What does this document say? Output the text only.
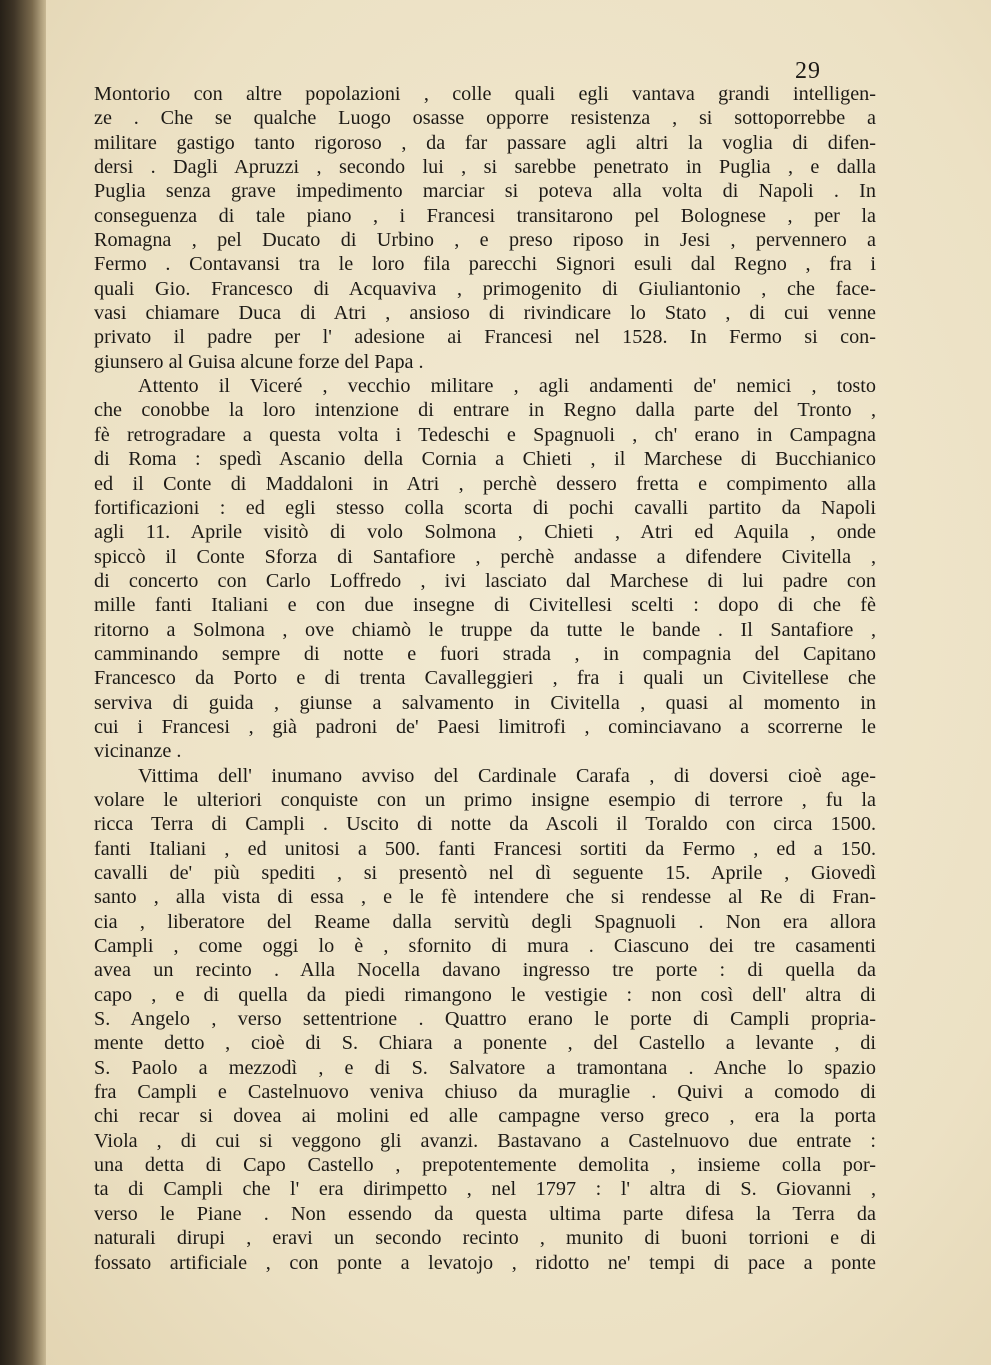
29
Montorio con altre popolazioni , colle quali egli vantava grandi intelligen-
ze . Che se qualche Luogo osasse opporre resistenza , si sottoporrebbe a
militare gastigo tanto rigoroso , da far passare agli altri la voglia di difen-
dersi . Dagli Apruzzi , secondo lui , si sarebbe penetrato in Puglia , e dalla
Puglia senza grave impedimento marciar si poteva alla volta di Napoli . In
conseguenza di tale piano , i Francesi transitarono pel Bolognese , per la
Romagna , pel Ducato di Urbino , e preso riposo in Jesi , pervennero a
Fermo . Contavansi tra le loro fila parecchi Signori esuli dal Regno , fra i
quali Gio. Francesco di Acquaviva , primogenito di Giuliantonio , che face-
vasi chiamare Duca di Atri , ansioso di rivindicare lo Stato , di cui venne
privato il padre per l' adesione ai Francesi nel 1528. In Fermo si con-
giunsero al Guisa alcune forze del Papa .
Attento il Viceré , vecchio militare , agli andamenti de' nemici , tosto
che conobbe la loro intenzione di entrare in Regno dalla parte del Tronto ,
fè retrogradare a questa volta i Tedeschi e Spagnuoli , ch' erano in Campagna
di Roma : spedì Ascanio della Cornia a Chieti , il Marchese di Bucchianico
ed il Conte di Maddaloni in Atri , perchè dessero fretta e compimento alla
fortificazioni : ed egli stesso colla scorta di pochi cavalli partito da Napoli
agli 11. Aprile visitò di volo Solmona , Chieti , Atri ed Aquila , onde
spiccò il Conte Sforza di Santafiore , perchè andasse a difendere Civitella ,
di concerto con Carlo Loffredo , ivi lasciato dal Marchese di lui padre con
mille fanti Italiani e con due insegne di Civitellesi scelti : dopo di che fè
ritorno a Solmona , ove chiamò le truppe da tutte le bande . Il Santafiore ,
camminando sempre di notte e fuori strada , in compagnia del Capitano
Francesco da Porto e di trenta Cavalleggieri , fra i quali un Civitellese che
serviva di guida , giunse a salvamento in Civitella , quasi al momento in
cui i Francesi , già padroni de' Paesi limitrofi , cominciavano a scorrerne le
vicinanze .
Vittima dell' inumano avviso del Cardinale Carafa , di doversi cioè age-
volare le ulteriori conquiste con un primo insigne esempio di terrore , fu la
ricca Terra di Campli . Uscito di notte da Ascoli il Toraldo con circa 1500.
fanti Italiani , ed unitosi a 500. fanti Francesi sortiti da Fermo , ed a 150.
cavalli de' più spediti , si presentò nel dì seguente 15. Aprile , Giovedì
santo , alla vista di essa , e le fè intendere che si rendesse al Re di Fran-
cia , liberatore del Reame dalla servitù degli Spagnuoli . Non era allora
Campli , come oggi lo è , sfornito di mura . Ciascuno dei tre casamenti
avea un recinto . Alla Nocella davano ingresso tre porte : di quella da
capo , e di quella da piedi rimangono le vestigie : non così dell' altra di
S. Angelo , verso settentrione . Quattro erano le porte di Campli propria-
mente detto , cioè di S. Chiara a ponente , del Castello a levante , di
S. Paolo a mezzodì , e di S. Salvatore a tramontana . Anche lo spazio
fra Campli e Castelnuovo veniva chiuso da muraglie . Quivi a comodo di
chi recar si dovea ai molini ed alle campagne verso greco , era la porta
Viola , di cui si veggono gli avanzi. Bastavano a Castelnuovo due entrate :
una detta di Capo Castello , prepotentemente demolita , insieme colla por-
ta di Campli che l' era dirimpetto , nel 1797 : l' altra di S. Giovanni ,
verso le Piane . Non essendo da questa ultima parte difesa la Terra da
naturali dirupi , eravi un secondo recinto , munito di buoni torrioni e di
fossato artificiale , con ponte a levatojo , ridotto ne' tempi di pace a ponte
